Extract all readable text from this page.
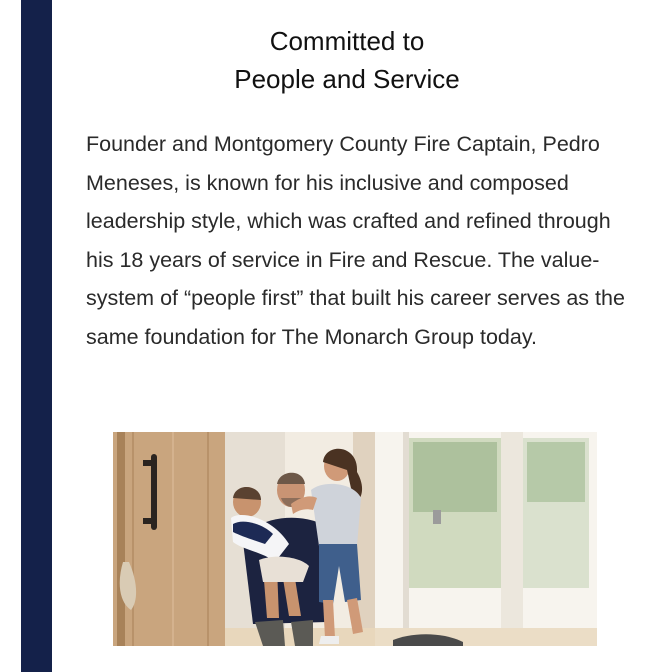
Committed to
People and Service

Founder and Montgomery County Fire Captain, Pedro Meneses, is known for his inclusive and composed leadership style, which was crafted and refined through his 18 years of service in Fire and Rescue. The value-system of “people first” that built his career serves as the same foundation for The Monarch Group today.
